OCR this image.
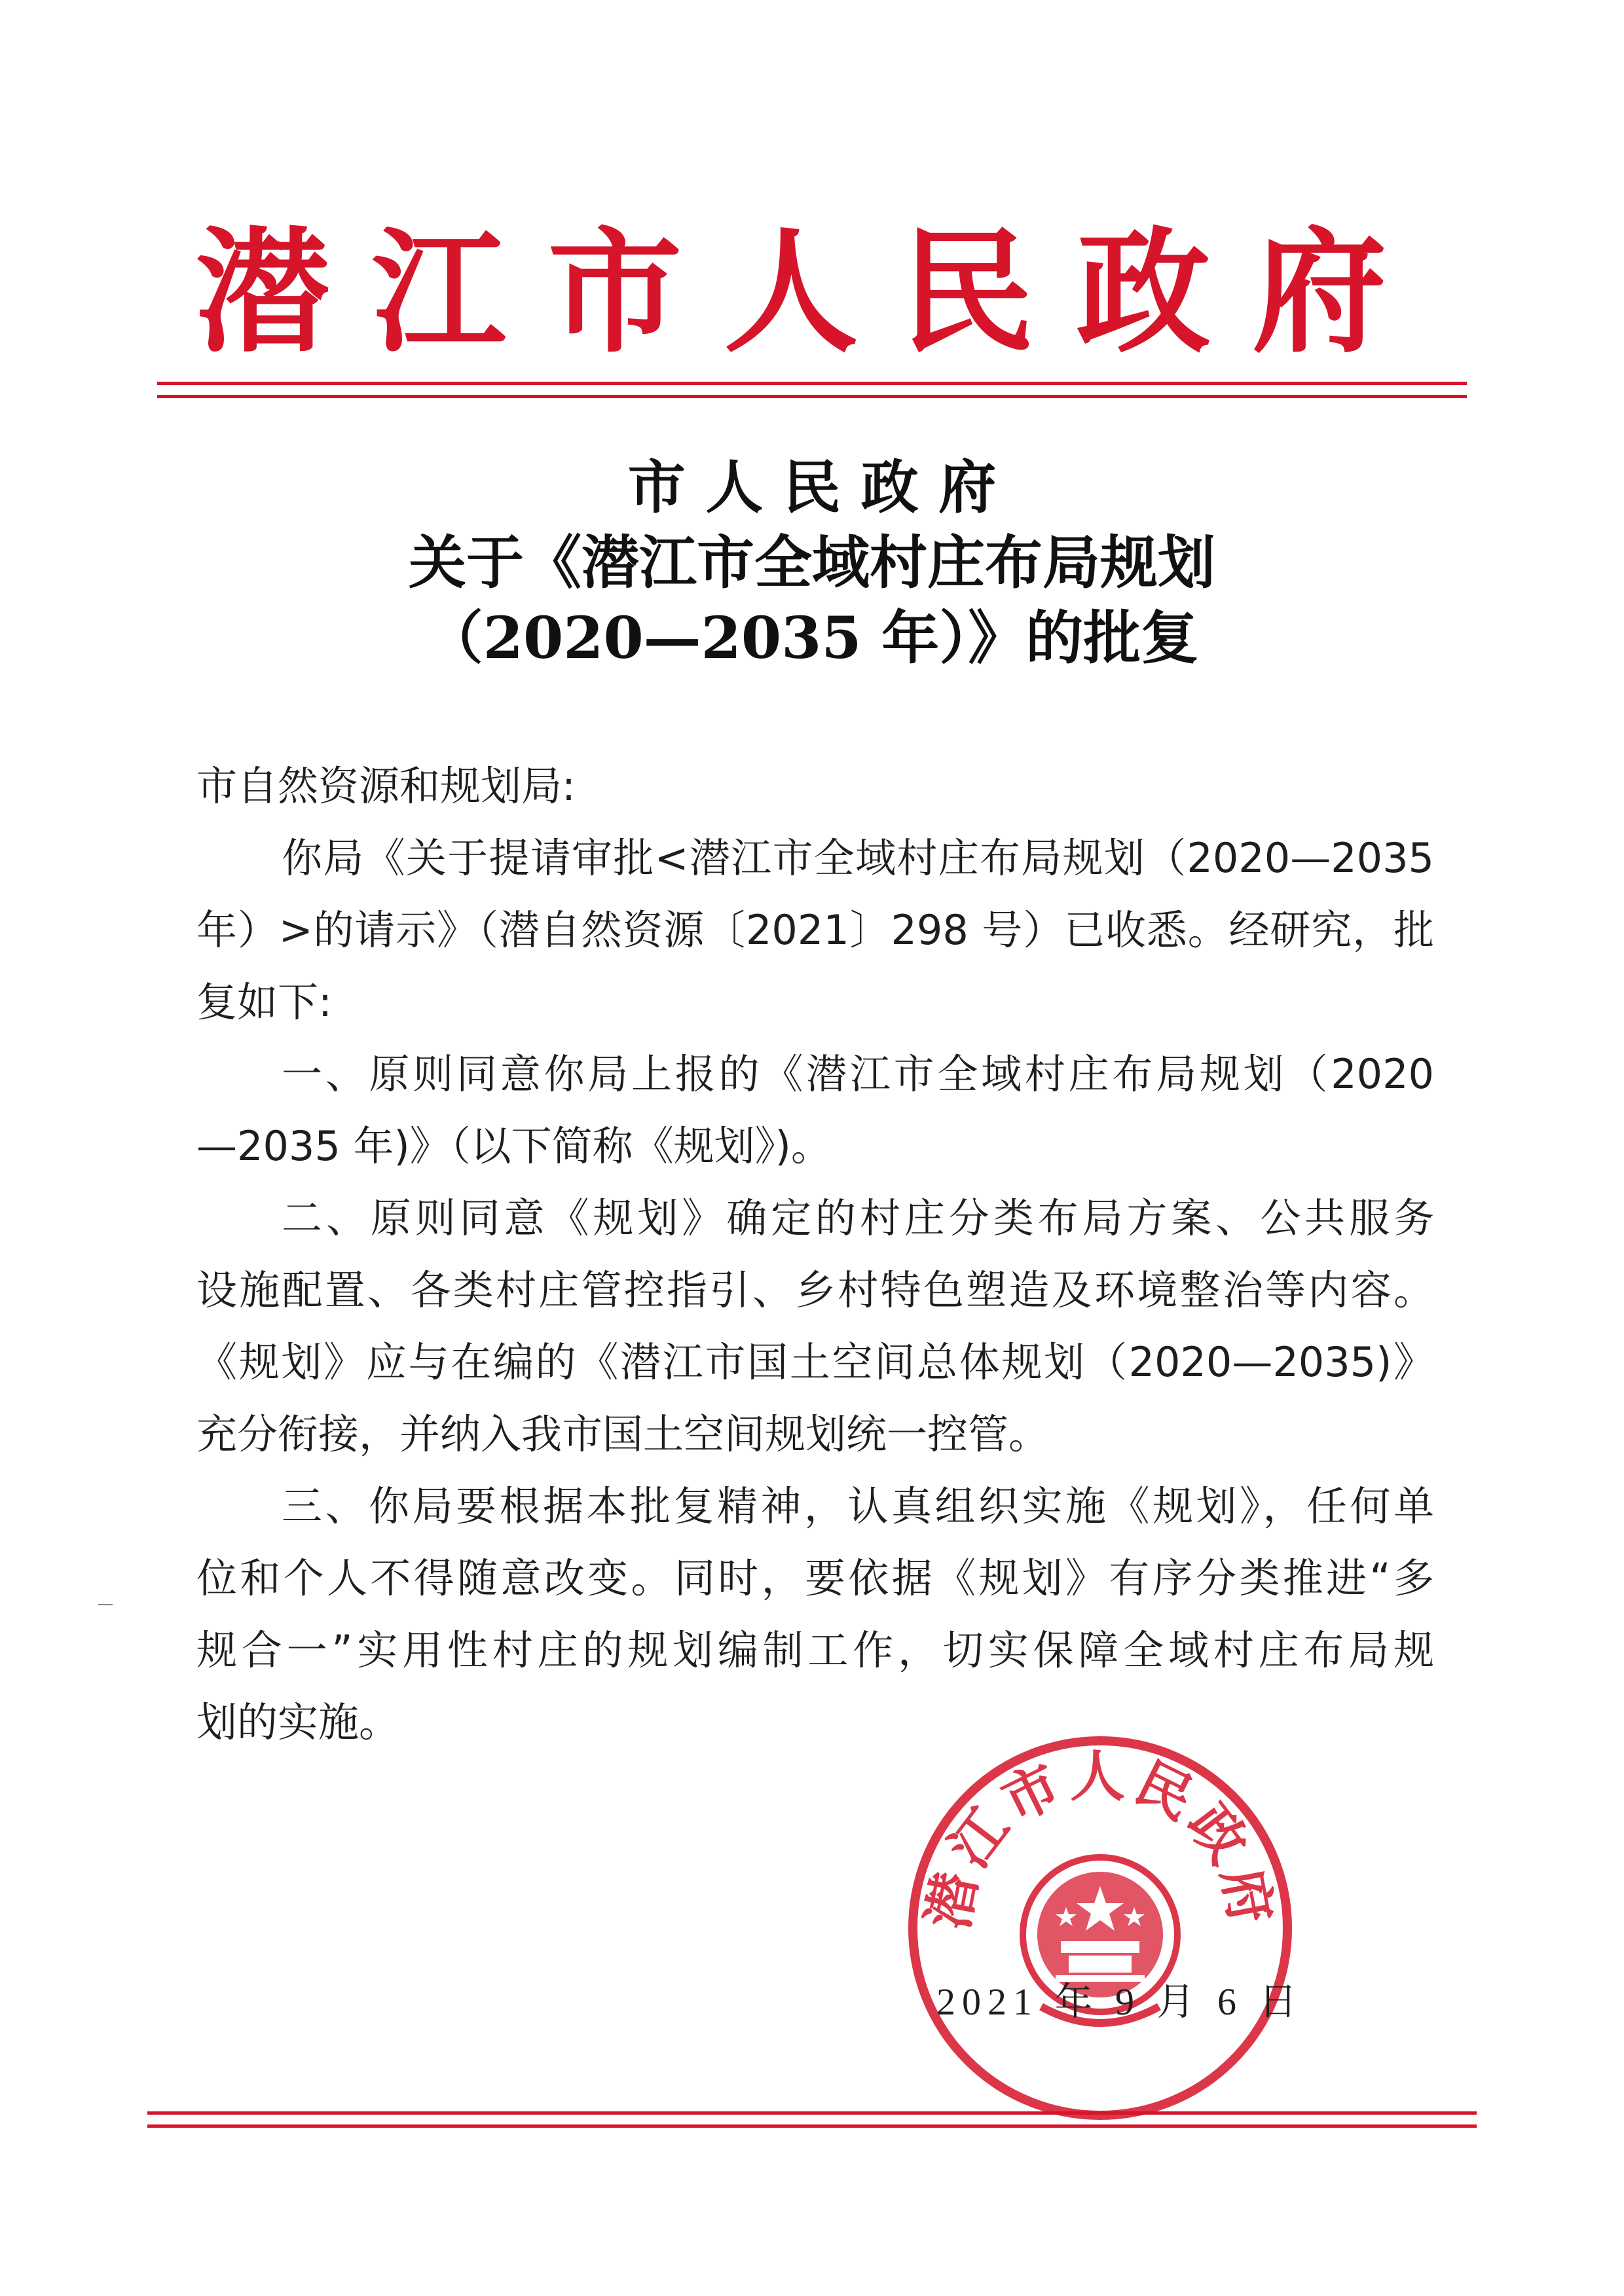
潜江市人民政府
市 人 民 政 府
关于《潜江市全域村庄布局规划
（2020—2035 年）》的批复
市自然资源和规划局:
你局《关于提请审批<潜江市全域村庄布局规划（2020—2035
年）>的请示》（潜自然资源〔2021〕298 号）已收悉。经研究，批
复如下:
一、原则同意你局上报的《潜江市全域村庄布局规划（2020
—2035 年)》（以下简称《规划》)。
二、原则同意《规划》确定的村庄分类布局方案、公共服务
设施配置、各类村庄管控指引、乡村特色塑造及环境整治等内容。
《规划》应与在编的《潜江市国土空间总体规划（2020—2035)》
充分衔接，并纳入我市国土空间规划统一控管。
三、你局要根据本批复精神，认真组织实施《规划》，任何单
位和个人不得随意改变。同时，要依据《规划》有序分类推进“多
规合一”实用性村庄的规划编制工作，切实保障全域村庄布局规
划的实施。
潜江市人民政府
2021 年 9 月 6 日
